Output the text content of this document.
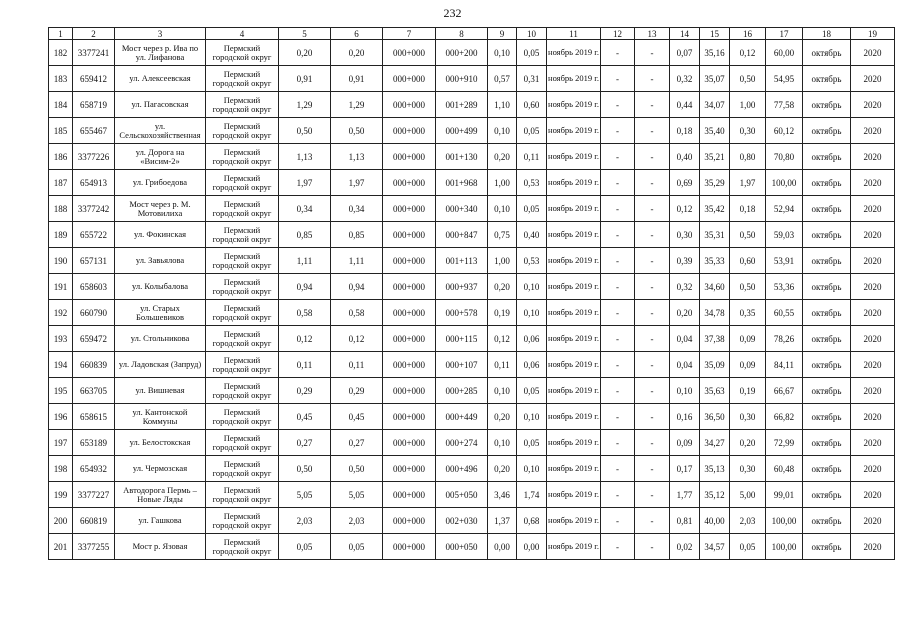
232
1	2	3	4	5	6	7	8	9	10	11	12	13	14	15	16	17	18	19
182	3377241	Мост через р. Ива по ул. Лифанова	Пермский городской округ	0,20	0,20	000+000	000+200	0,10	0,05	ноябрь 2019 г.	-	-	0,07	35,16	0,12	60,00	октябрь	2020
183	659412	ул. Алексеевская	Пермский городской округ	0,91	0,91	000+000	000+910	0,57	0,31	ноябрь 2019 г.	-	-	0,32	35,07	0,50	54,95	октябрь	2020
184	658719	ул. Пагасовская	Пермский городской округ	1,29	1,29	000+000	001+289	1,10	0,60	ноябрь 2019 г.	-	-	0,44	34,07	1,00	77,58	октябрь	2020
185	655467	ул. Сельскохозяйственная	Пермский городской округ	0,50	0,50	000+000	000+499	0,10	0,05	ноябрь 2019 г.	-	-	0,18	35,40	0,30	60,12	октябрь	2020
186	3377226	ул. Дорога на «Висим-2»	Пермский городской округ	1,13	1,13	000+000	001+130	0,20	0,11	ноябрь 2019 г.	-	-	0,40	35,21	0,80	70,80	октябрь	2020
187	654913	ул. Грибоедова	Пермский городской округ	1,97	1,97	000+000	001+968	1,00	0,53	ноябрь 2019 г.	-	-	0,69	35,29	1,97	100,00	октябрь	2020
188	3377242	Мост через р. М. Мотовилиха	Пермский городской округ	0,34	0,34	000+000	000+340	0,10	0,05	ноябрь 2019 г.	-	-	0,12	35,42	0,18	52,94	октябрь	2020
189	655722	ул. Фокинская	Пермский городской округ	0,85	0,85	000+000	000+847	0,75	0,40	ноябрь 2019 г.	-	-	0,30	35,31	0,50	59,03	октябрь	2020
190	657131	ул. Завьялова	Пермский городской округ	1,11	1,11	000+000	001+113	1,00	0,53	ноябрь 2019 г.	-	-	0,39	35,33	0,60	53,91	октябрь	2020
191	658603	ул. Колыбалова	Пермский городской округ	0,94	0,94	000+000	000+937	0,20	0,10	ноябрь 2019 г.	-	-	0,32	34,60	0,50	53,36	октябрь	2020
192	660790	ул. Старых Большевиков	Пермский городской округ	0,58	0,58	000+000	000+578	0,19	0,10	ноябрь 2019 г.	-	-	0,20	34,78	0,35	60,55	октябрь	2020
193	659472	ул. Стольникова	Пермский городской округ	0,12	0,12	000+000	000+115	0,12	0,06	ноябрь 2019 г.	-	-	0,04	37,38	0,09	78,26	октябрь	2020
194	660839	ул. Ладовская (Запруд)	Пермский городской округ	0,11	0,11	000+000	000+107	0,11	0,06	ноябрь 2019 г.	-	-	0,04	35,09	0,09	84,11	октябрь	2020
195	663705	ул. Вишневая	Пермский городской округ	0,29	0,29	000+000	000+285	0,10	0,05	ноябрь 2019 г.	-	-	0,10	35,63	0,19	66,67	октябрь	2020
196	658615	ул. Кантонской Коммуны	Пермский городской округ	0,45	0,45	000+000	000+449	0,20	0,10	ноябрь 2019 г.	-	-	0,16	36,50	0,30	66,82	октябрь	2020
197	653189	ул. Белостокская	Пермский городской округ	0,27	0,27	000+000	000+274	0,10	0,05	ноябрь 2019 г.	-	-	0,09	34,27	0,20	72,99	октябрь	2020
198	654932	ул. Чермозская	Пермский городской округ	0,50	0,50	000+000	000+496	0,20	0,10	ноябрь 2019 г.	-	-	0,17	35,13	0,30	60,48	октябрь	2020
199	3377227	Автодорога Пермь – Новые Ляды	Пермский городской округ	5,05	5,05	000+000	005+050	3,46	1,74	ноябрь 2019 г.	-	-	1,77	35,12	5,00	99,01	октябрь	2020
200	660819	ул. Гашкова	Пермский городской округ	2,03	2,03	000+000	002+030	1,37	0,68	ноябрь 2019 г.	-	-	0,81	40,00	2,03	100,00	октябрь	2020
201	3377255	Мост р. Язовая	Пермский городской округ	0,05	0,05	000+000	000+050	0,00	0,00	ноябрь 2019 г.	-	-	0,02	34,57	0,05	100,00	октябрь	2020
